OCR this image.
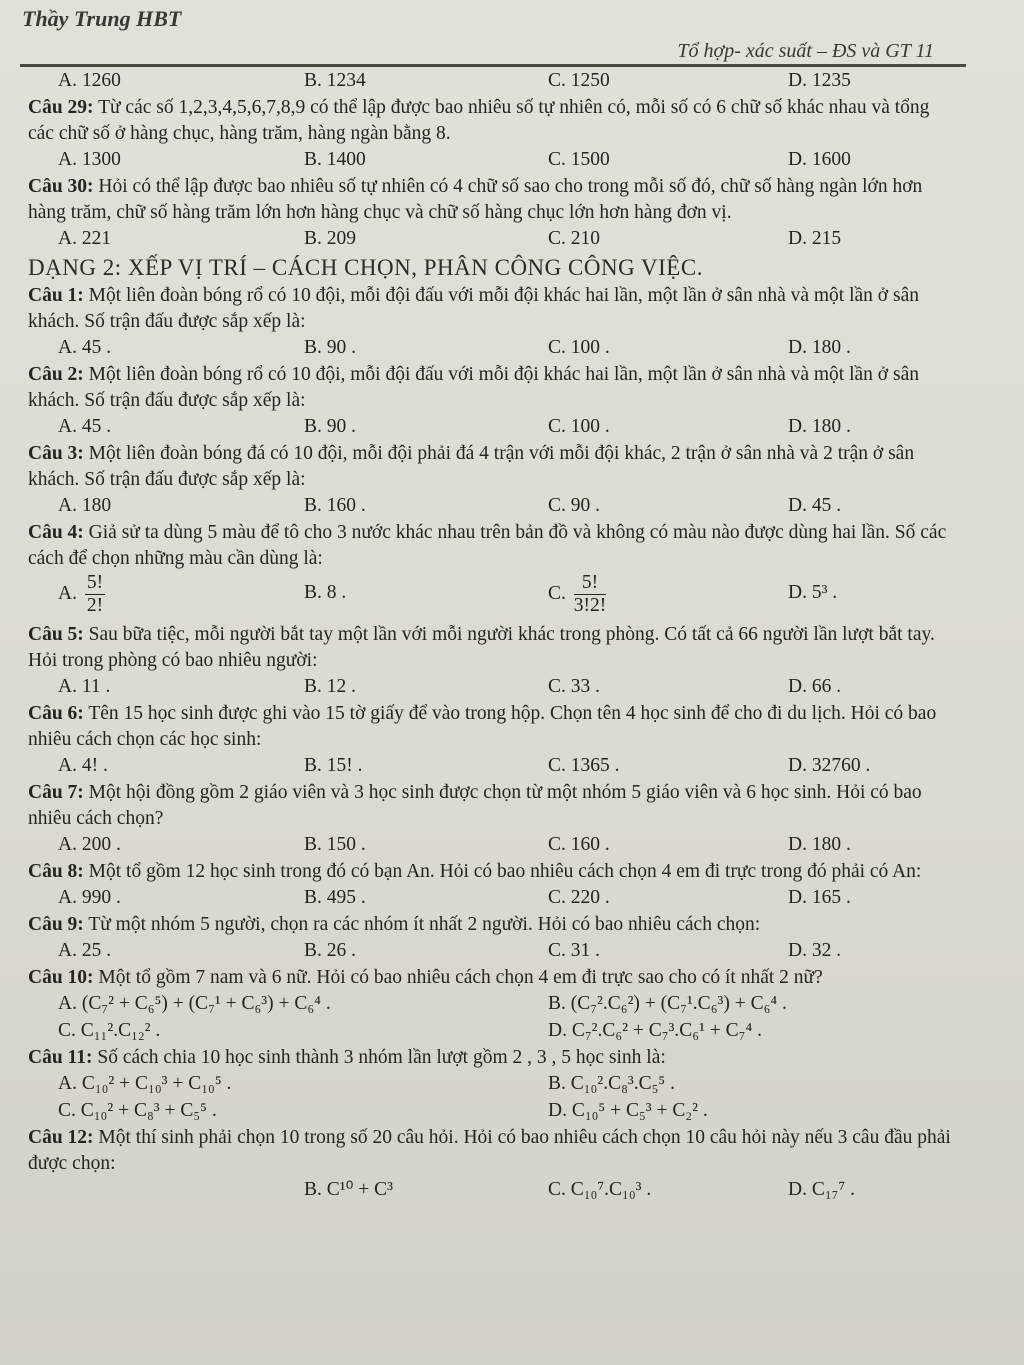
Thầy Trung HBT
Tổ hợp- xác suất – ĐS và GT 11
A. 1260	B. 1234	C. 1250	D. 1235

Câu 29: Từ các số 1,2,3,4,5,6,7,8,9 có thể lập được bao nhiêu số tự nhiên có, mỗi số có 6 chữ số khác nhau và tổng các chữ số ở hàng chục, hàng trăm, hàng ngàn bằng 8.

A. 1300	B. 1400	C. 1500	D. 1600

Câu 30: Hỏi có thể lập được bao nhiêu số tự nhiên có 4 chữ số sao cho trong mỗi số đó, chữ số hàng ngàn lớn hơn hàng trăm, chữ số hàng trăm lớn hơn hàng chục và chữ số hàng chục lớn hơn hàng đơn vị.

A. 221	B. 209	C. 210	D. 215
DẠNG 2: XẾP VỊ TRÍ – CÁCH CHỌN, PHÂN CÔNG CÔNG VIỆC.

Câu 1: Một liên đoàn bóng rổ có 10 đội, mỗi đội đấu với mỗi đội khác hai lần, một lần ở sân nhà và một lần ở sân khách. Số trận đấu được sắp xếp là:

A. 45 .	B. 90 .	C. 100 .	D. 180 .

Câu 2: Một liên đoàn bóng rổ có 10 đội, mỗi đội đấu với mỗi đội khác hai lần, một lần ở sân nhà và một lần ở sân khách. Số trận đấu được sắp xếp là:

A. 45 .	B. 90 .	C. 100 .	D. 180 .

Câu 3: Một liên đoàn bóng đá có 10 đội, mỗi đội phải đá 4 trận với mỗi đội khác, 2 trận ở sân nhà và 2 trận ở sân khách. Số trận đấu được sắp xếp là:

A. 180	B. 160 .	C. 90 .	D. 45 .

Câu 4: Giả sử ta dùng 5 màu để tô cho 3 nước khác nhau trên bản đồ và không có màu nào được dùng hai lần. Số các cách để chọn những màu cần dùng là:

A. $\frac{5!}{2!}$	B. 8 .	C. $\frac{5!}{3!2!}$	D. 5³ .

Câu 5: Sau bữa tiệc, mỗi người bắt tay một lần với mỗi người khác trong phòng. Có tất cả 66 người lần lượt bắt tay. Hỏi trong phòng có bao nhiêu người:

A. 11 .	B. 12 .	C. 33 .	D. 66 .

Câu 6: Tên 15 học sinh được ghi vào 15 tờ giấy để vào trong hộp. Chọn tên 4 học sinh để cho đi du lịch. Hỏi có bao nhiêu cách chọn các học sinh:

A. 4! .	B. 15! .	C. 1365 .	D. 32760 .

Câu 7: Một hội đồng gồm 2 giáo viên và 3 học sinh được chọn từ một nhóm 5 giáo viên và 6 học sinh. Hỏi có bao nhiêu cách chọn?

A. 200 .	B. 150 .	C. 160 .	D. 180 .

Câu 8: Một tổ gồm 12 học sinh trong đó có bạn An. Hỏi có bao nhiêu cách chọn 4 em đi trực trong đó phải có An:

A. 990 .	B. 495 .	C. 220 .	D. 165 .

Câu 9: Từ một nhóm 5 người, chọn ra các nhóm ít nhất 2 người. Hỏi có bao nhiêu cách chọn:

A. 25 .	B. 26 .	C. 31 .	D. 32 .

Câu 10: Một tổ gồm 7 nam và 6 nữ. Hỏi có bao nhiêu cách chọn 4 em đi trực sao cho có ít nhất 2 nữ?

A. (C₇² + C₆⁵) + (C₇¹ + C₆³) + C₆⁴ .	B. (C₇².C₆²) + (C₇¹.C₆³) + C₆⁴ .
C. C₁₁².C₁₂² .	D. C₇².C₆² + C₇³.C₆¹ + C₇⁴ .

Câu 11: Số cách chia 10 học sinh thành 3 nhóm lần lượt gồm 2 , 3 , 5 học sinh là:

A. C₁₀² + C₁₀³ + C₁₀⁵ .	B. C₁₀².C₈³.C₅⁵ .
C. C₁₀² + C₈³ + C₅⁵ .	D. C₁₀⁵ + C₅³ + C₂² .

Câu 12: Một thí sinh phải chọn 10 trong số 20 câu hỏi. Hỏi có bao nhiêu cách chọn 10 câu hỏi này nếu 3 câu đầu phải được chọn:

B. C¹⁰ + C³	C. C₁₀⁷.C₁₀³ .	D. C₁₇⁷ .
